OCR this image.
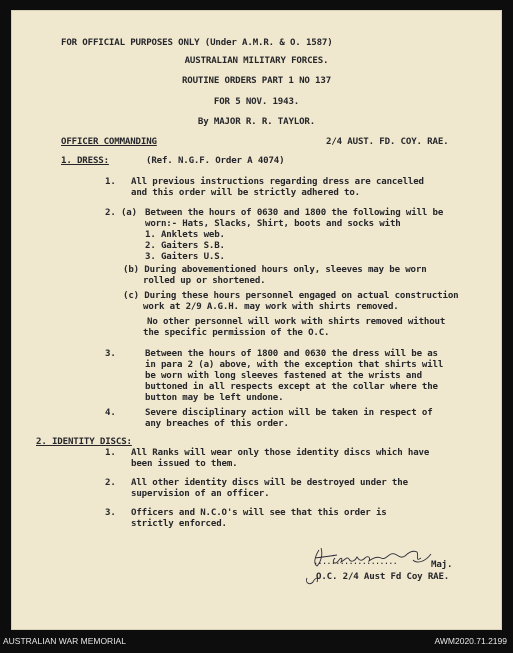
FOR OFFICIAL PURPOSES ONLY (Under A.M.R. & O. 1587)
AUSTRALIAN MILITARY FORCES.
ROUTINE ORDERS PART 1 NO 137
FOR 5 NOV. 1943.
By MAJOR R. R. TAYLOR.
OFFICER COMMANDING	2/4 AUST. FD. COY. RAE.
1. DRESS:	(Ref. N.G.F. Order A 4074)
1. All previous instructions regarding dress are cancelled
and this order will be strictly adhered to.
2. (a) Between the hours of 0630 and 1800 the following will be
worn:- Hats, Slacks, Shirt, boots and socks with
1. Anklets web.
2. Gaiters S.B.
3. Gaiters U.S.
(b) During abovementioned hours only, sleeves may be worn
rolled up or shortened.
(c) During these hours personnel engaged on actual construction
work at 2/9 A.G.H. may work with shirts removed.
No other personnel will work with shirts removed without
the specific permission of the O.C.
3.	Between the hours of 1800 and 0630 the dress will be as
in para 2 (a) above, with the exception that shirts will
be worn with long sleeves fastened at the wrists and
buttoned in all respects except at the collar where the
button may be left undone.
4.	Severe disciplinary action will be taken in respect of
any breaches of this order.
2. IDENTITY DISCS:
1. All Ranks will wear only those identity discs which have
been issued to them.
2. All other identity discs will be destroyed under the
supervision of an officer.
3. Officers and N.C.O's will see that this order is
strictly enforced.
...................	Maj.
O.C. 2/4 Aust Fd Coy RAE.
AUSTRALIAN WAR MEMORIAL	AWM2020.71.2199
